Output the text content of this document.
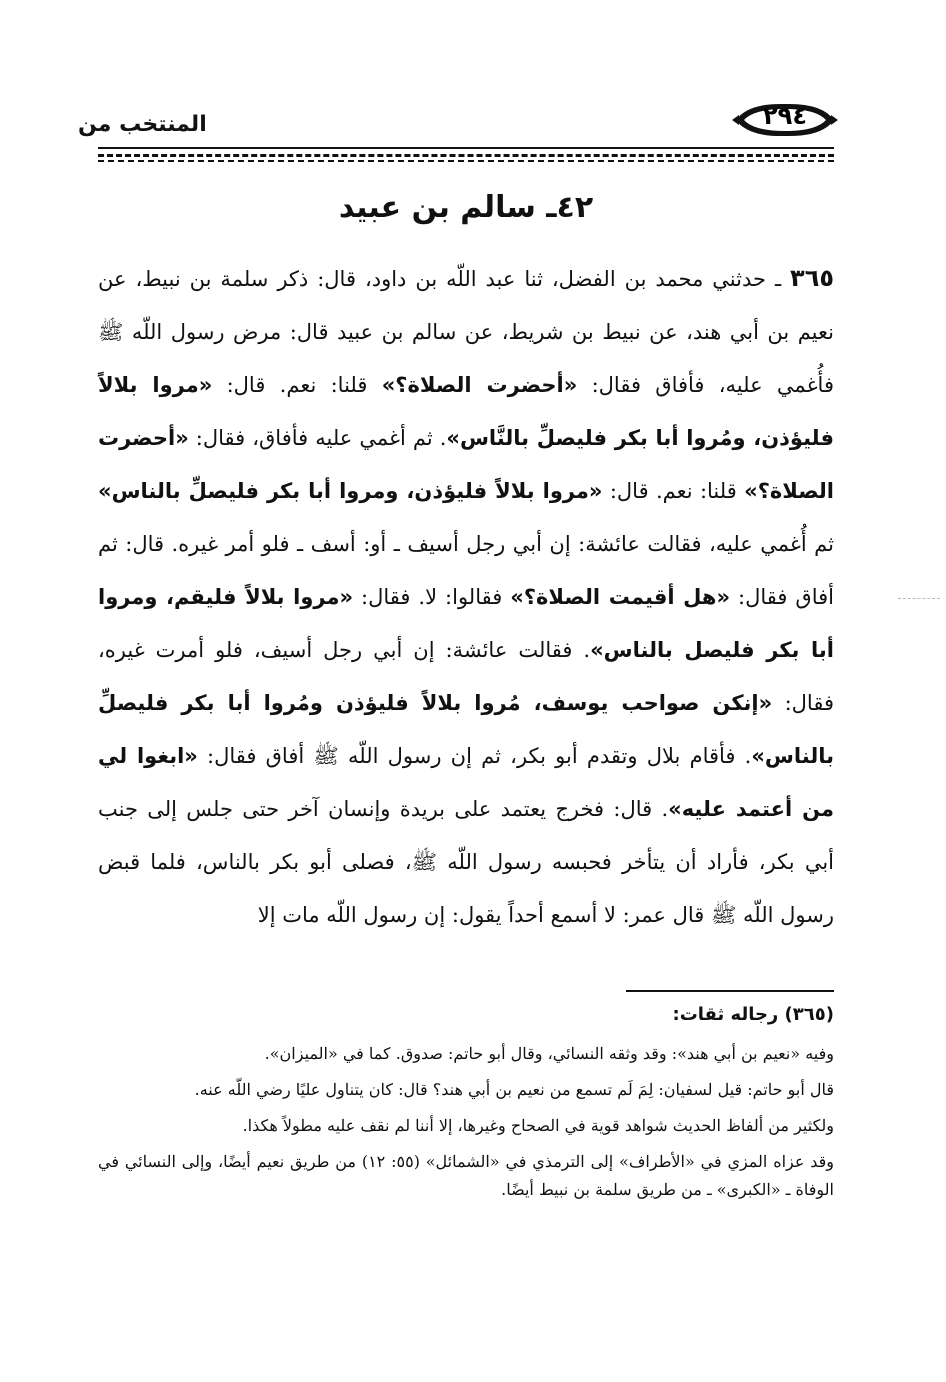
المنتخب من	٢٩٤
٤٢ـ سالم بن عبيد
٣٦٥ ـ حدثني محمد بن الفضل، ثنا عبد اللّه بن داود، قال: ذكر سلمة بن نبيط، عن نعيم بن أبي هند، عن نبيط بن شريط، عن سالم بن عبيد قال: مرض رسول اللّه ﷺ فأُغمي عليه، فأفاق فقال: «أحضرت الصلاة؟» قلنا: نعم. قال: «مروا بلالاً فليؤذن، ومُروا أبا بكر فليصلِّ بالنَّاس». ثم أغمي عليه فأفاق، فقال: «أحضرت الصلاة؟» قلنا: نعم. قال: «مروا بلالاً فليؤذن، ومروا أبا بكر فليصلِّ بالناس» ثم أُغمي عليه، فقالت عائشة: إن أبي رجل أسيف ـ أو: أسف ـ فلو أمر غيره. قال: ثم أفاق فقال: «هل أقيمت الصلاة؟» فقالوا: لا. فقال: «مروا بلالاً فليقم، ومروا أبا بكر فليصل بالناس». فقالت عائشة: إن أبي رجل أسيف، فلو أمرت غيره، فقال: «إنكن صواحب يوسف، مُروا بلالاً فليؤذن ومُروا أبا بكر فليصلِّ بالناس». فأقام بلال وتقدم أبو بكر، ثم إن رسول اللّه ﷺ أفاق فقال: «ابغوا لي من أعتمد عليه». قال: فخرج يعتمد على بريدة وإنسان آخر حتى جلس إلى جنب أبي بكر، فأراد أن يتأخر فحبسه رسول اللّه ﷺ، فصلى أبو بكر بالناس، فلما قبض رسول اللّه ﷺ قال عمر: لا أسمع أحداً يقول: إن رسول اللّه مات إلا
(٣٦٥) رجاله ثقات:

وفيه «نعيم بن أبي هند»: وقد وثقه النسائي، وقال أبو حاتم: صدوق. كما في «الميزان».

قال أبو حاتم: قيل لسفيان: لِمَ لَم تسمع من نعيم بن أبي هند؟ قال: كان يتناول عليًا رضي اللّه عنه.

ولكثير من ألفاظ الحديث شواهد قوية في الصحاح وغيرها، إلا أننا لم نقف عليه مطولاً هكذا.

وقد عزاه المزي في «الأطراف» إلى الترمذي في «الشمائل» (٥٥: ١٢) من طريق نعيم أيضًا، وإلى النسائي في الوفاة ـ «الكبرى» ـ من طريق سلمة بن نبيط أيضًا.
